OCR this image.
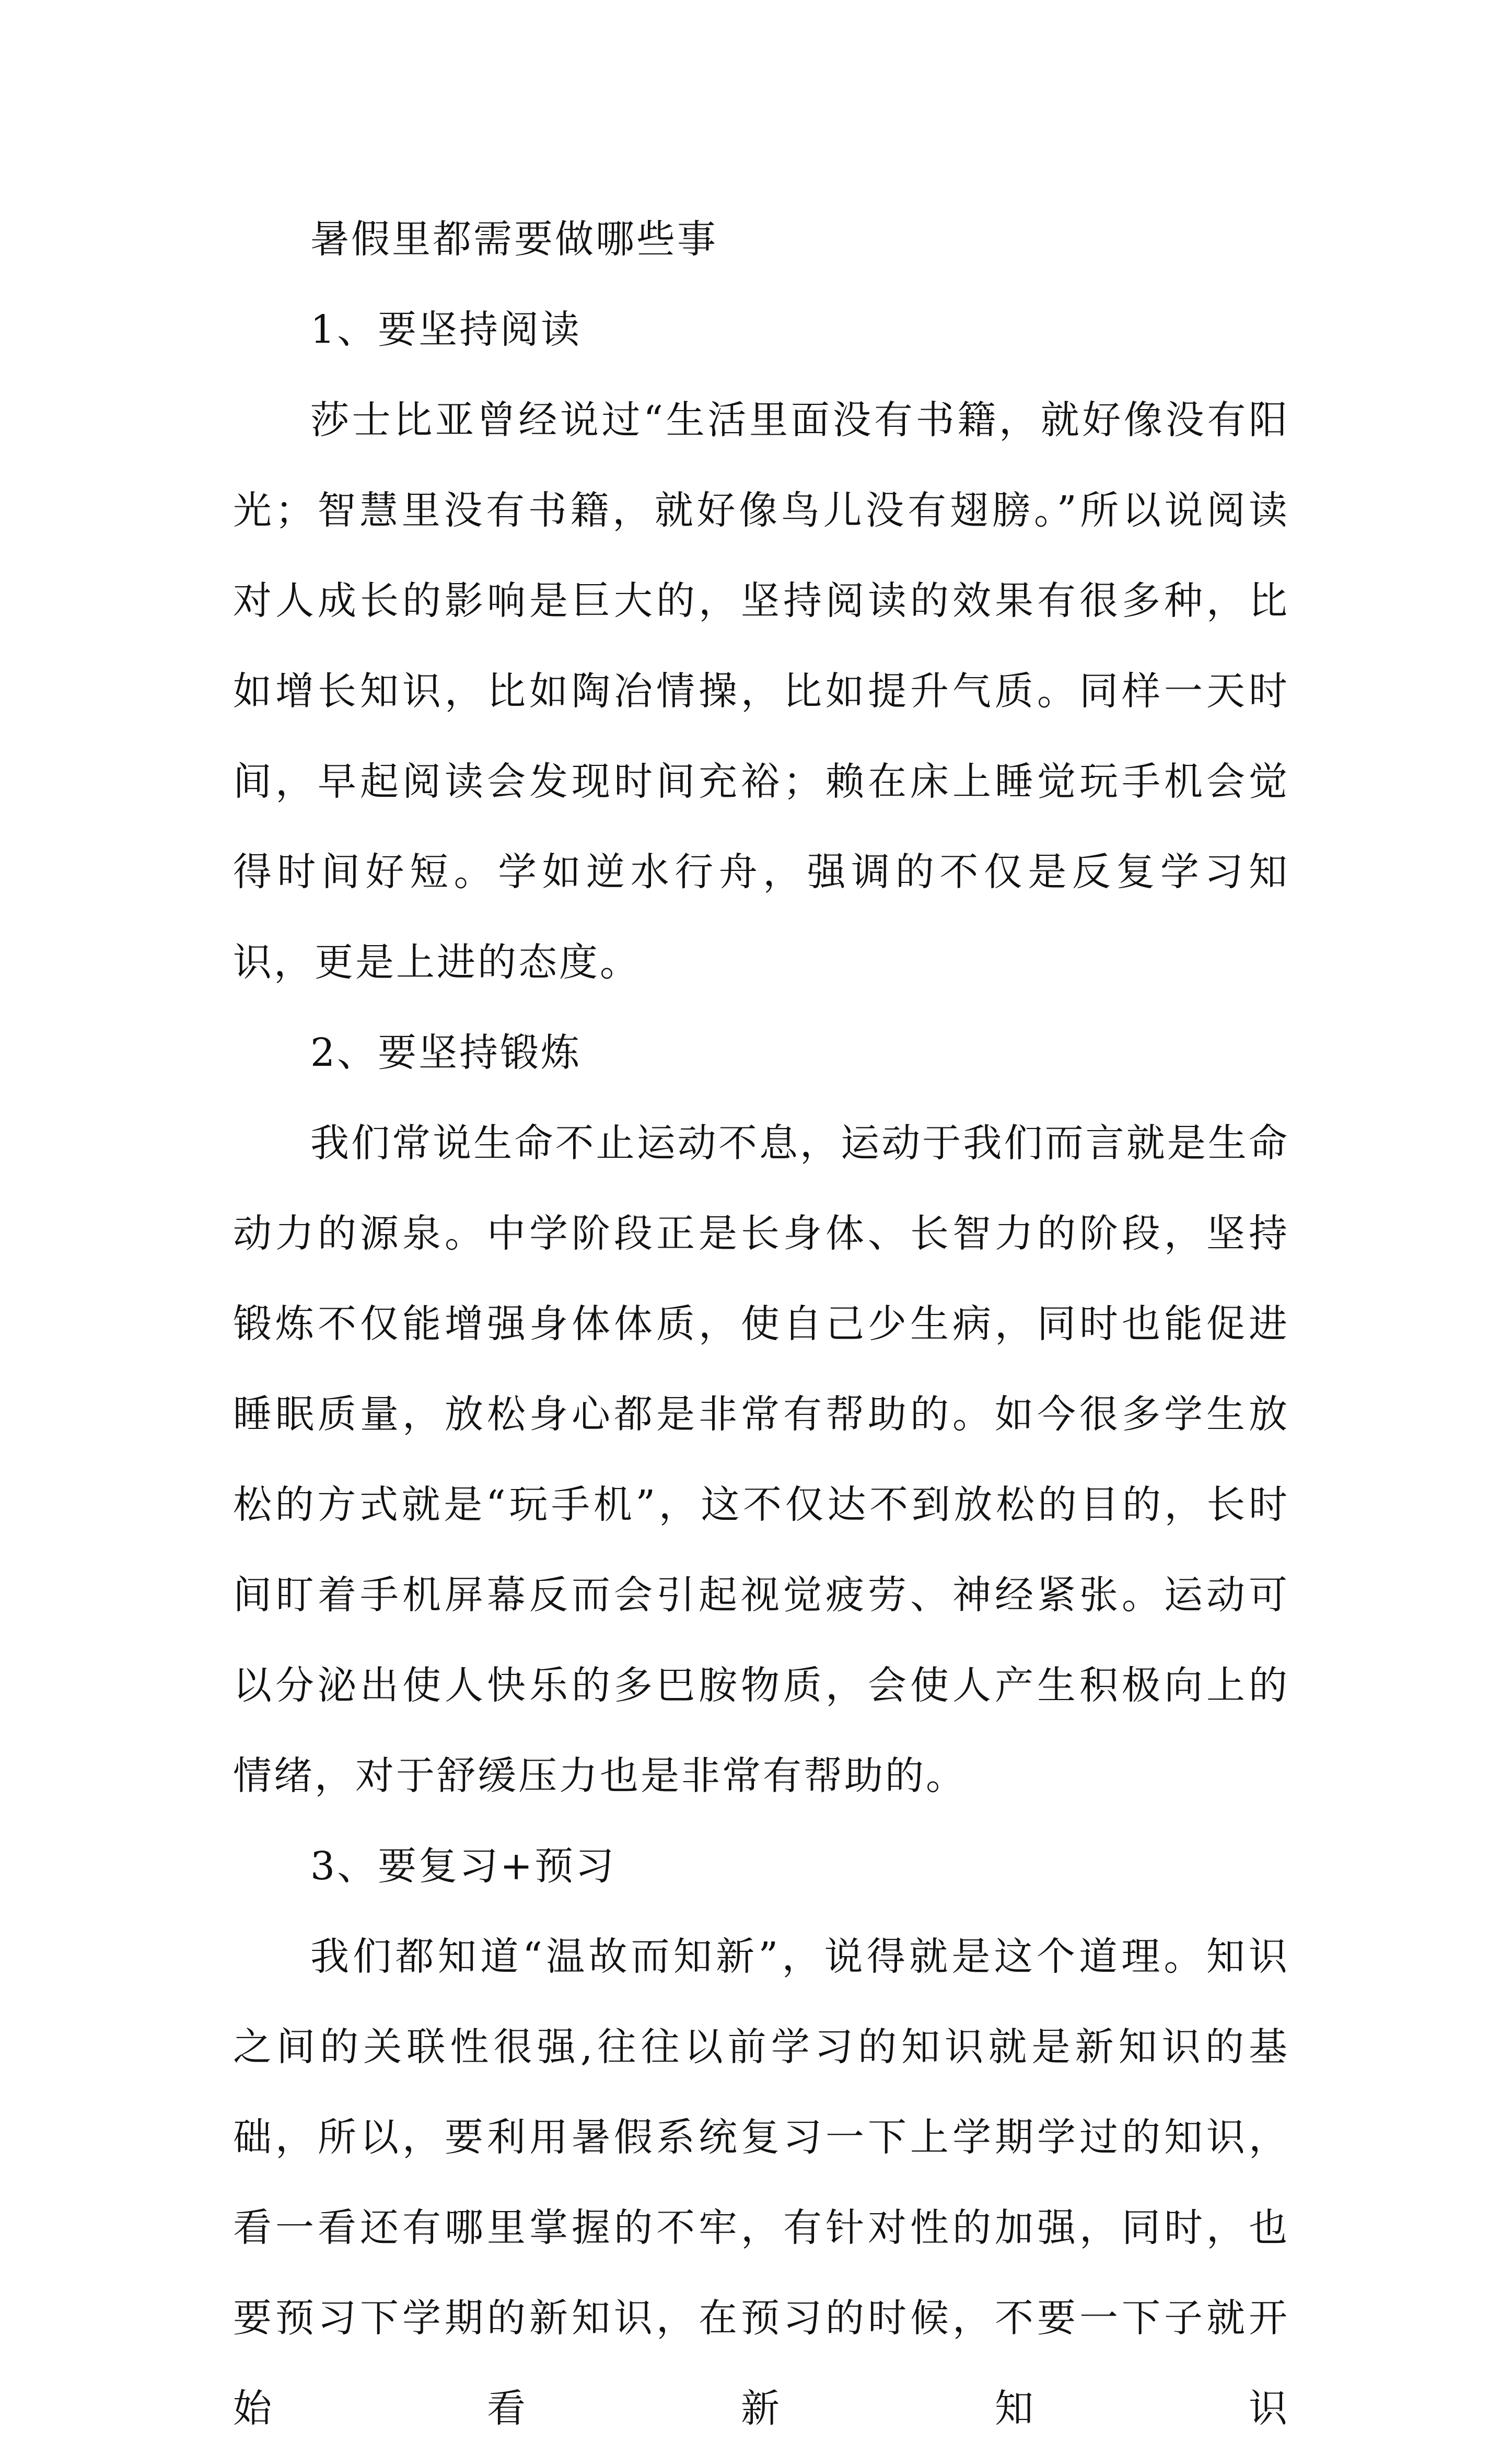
暑假里都需要做哪些事

1、要坚持阅读

莎士比亚曾经说过“生活里面没有书籍，就好像没有阳光；智慧里没有书籍，就好像鸟儿没有翅膀。”所以说阅读对人成长的影响是巨大的，坚持阅读的效果有很多种，比如增长知识，比如陶冶情操，比如提升气质。同样一天时间，早起阅读会发现时间充裕；赖在床上睡觉玩手机会觉得时间好短。学如逆水行舟，强调的不仅是反复学习知识，更是上进的态度。

2、要坚持锻炼

我们常说生命不止运动不息，运动于我们而言就是生命动力的源泉。中学阶段正是长身体、长智力的阶段，坚持锻炼不仅能增强身体体质，使自己少生病，同时也能促进睡眠质量，放松身心都是非常有帮助的。如今很多学生放松的方式就是“玩手机”，这不仅达不到放松的目的，长时间盯着手机屏幕反而会引起视觉疲劳、神经紧张。运动可以分泌出使人快乐的多巴胺物质，会使人产生积极向上的情绪，对于舒缓压力也是非常有帮助的。

3、要复习+预习

我们都知道“温故而知新”，说得就是这个道理。知识之间的关联性很强,往往以前学习的知识就是新知识的基础，所以，要利用暑假系统复习一下上学期学过的知识，看一看还有哪里掌握的不牢，有针对性的加强，同时，也要预习下学期的新知识，在预习的时候，不要一下子就开始看新知识
